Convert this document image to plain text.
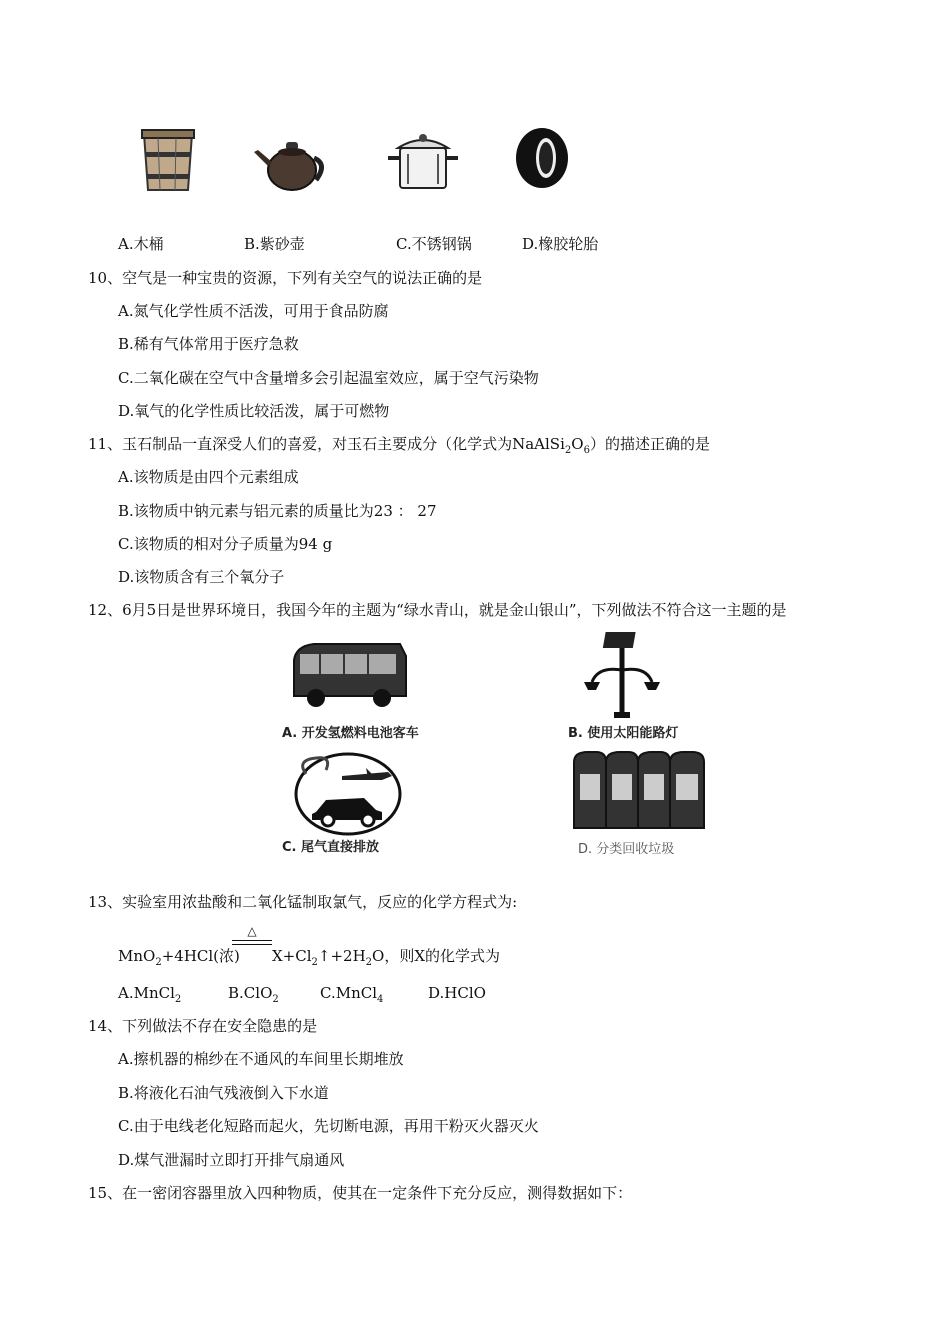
A.木桶	B.紫砂壶	C.不锈钢锅	D.橡胶轮胎
10、空气是一种宝贵的资源，下列有关空气的说法正确的是
A.氮气化学性质不活泼，可用于食品防腐
B.稀有气体常用于医疗急救
C.二氧化碳在空气中含量增多会引起温室效应，属于空气污染物
D.氧气的化学性质比较活泼，属于可燃物
11、玉石制品一直深受人们的喜爱，对玉石主要成分（化学式为$NaAlSi_2O_6$）的描述正确的是
A.该物质是由四个元素组成
B.该物质中钠元素与铝元素的质量比为23 ： 27
C.该物质的相对分子质量为94 g
D.该物质含有三个氧分子
12、6月5日是世界环境日，我国今年的主题为“绿水青山，就是金山银山”，下列做法不符合这一主题的是
A. 开发氢燃料电池客车	B. 使用太阳能路灯
C. 尾气直接排放	D. 分类回收垃圾
13、实验室用浓盐酸和二氧化锰制取氯气，反应的化学方程式为:
MnO$_2$+4HCl(浓)
△
$X+Cl_2↑+2H_2O$，则X的化学式为
A.MnCl$_2$	B.ClO$_2$	C.MnCl$_4$	D.HClO
14、下列做法不存在安全隐患的是
A.擦机器的棉纱在不通风的车间里长期堆放
B.将液化石油气残液倒入下水道
C.由于电线老化短路而起火，先切断电源，再用干粉灭火器灭火
D.煤气泄漏时立即打开排气扇通风
15、在一密闭容器里放入四种物质，使其在一定条件下充分反应，测得数据如下：
